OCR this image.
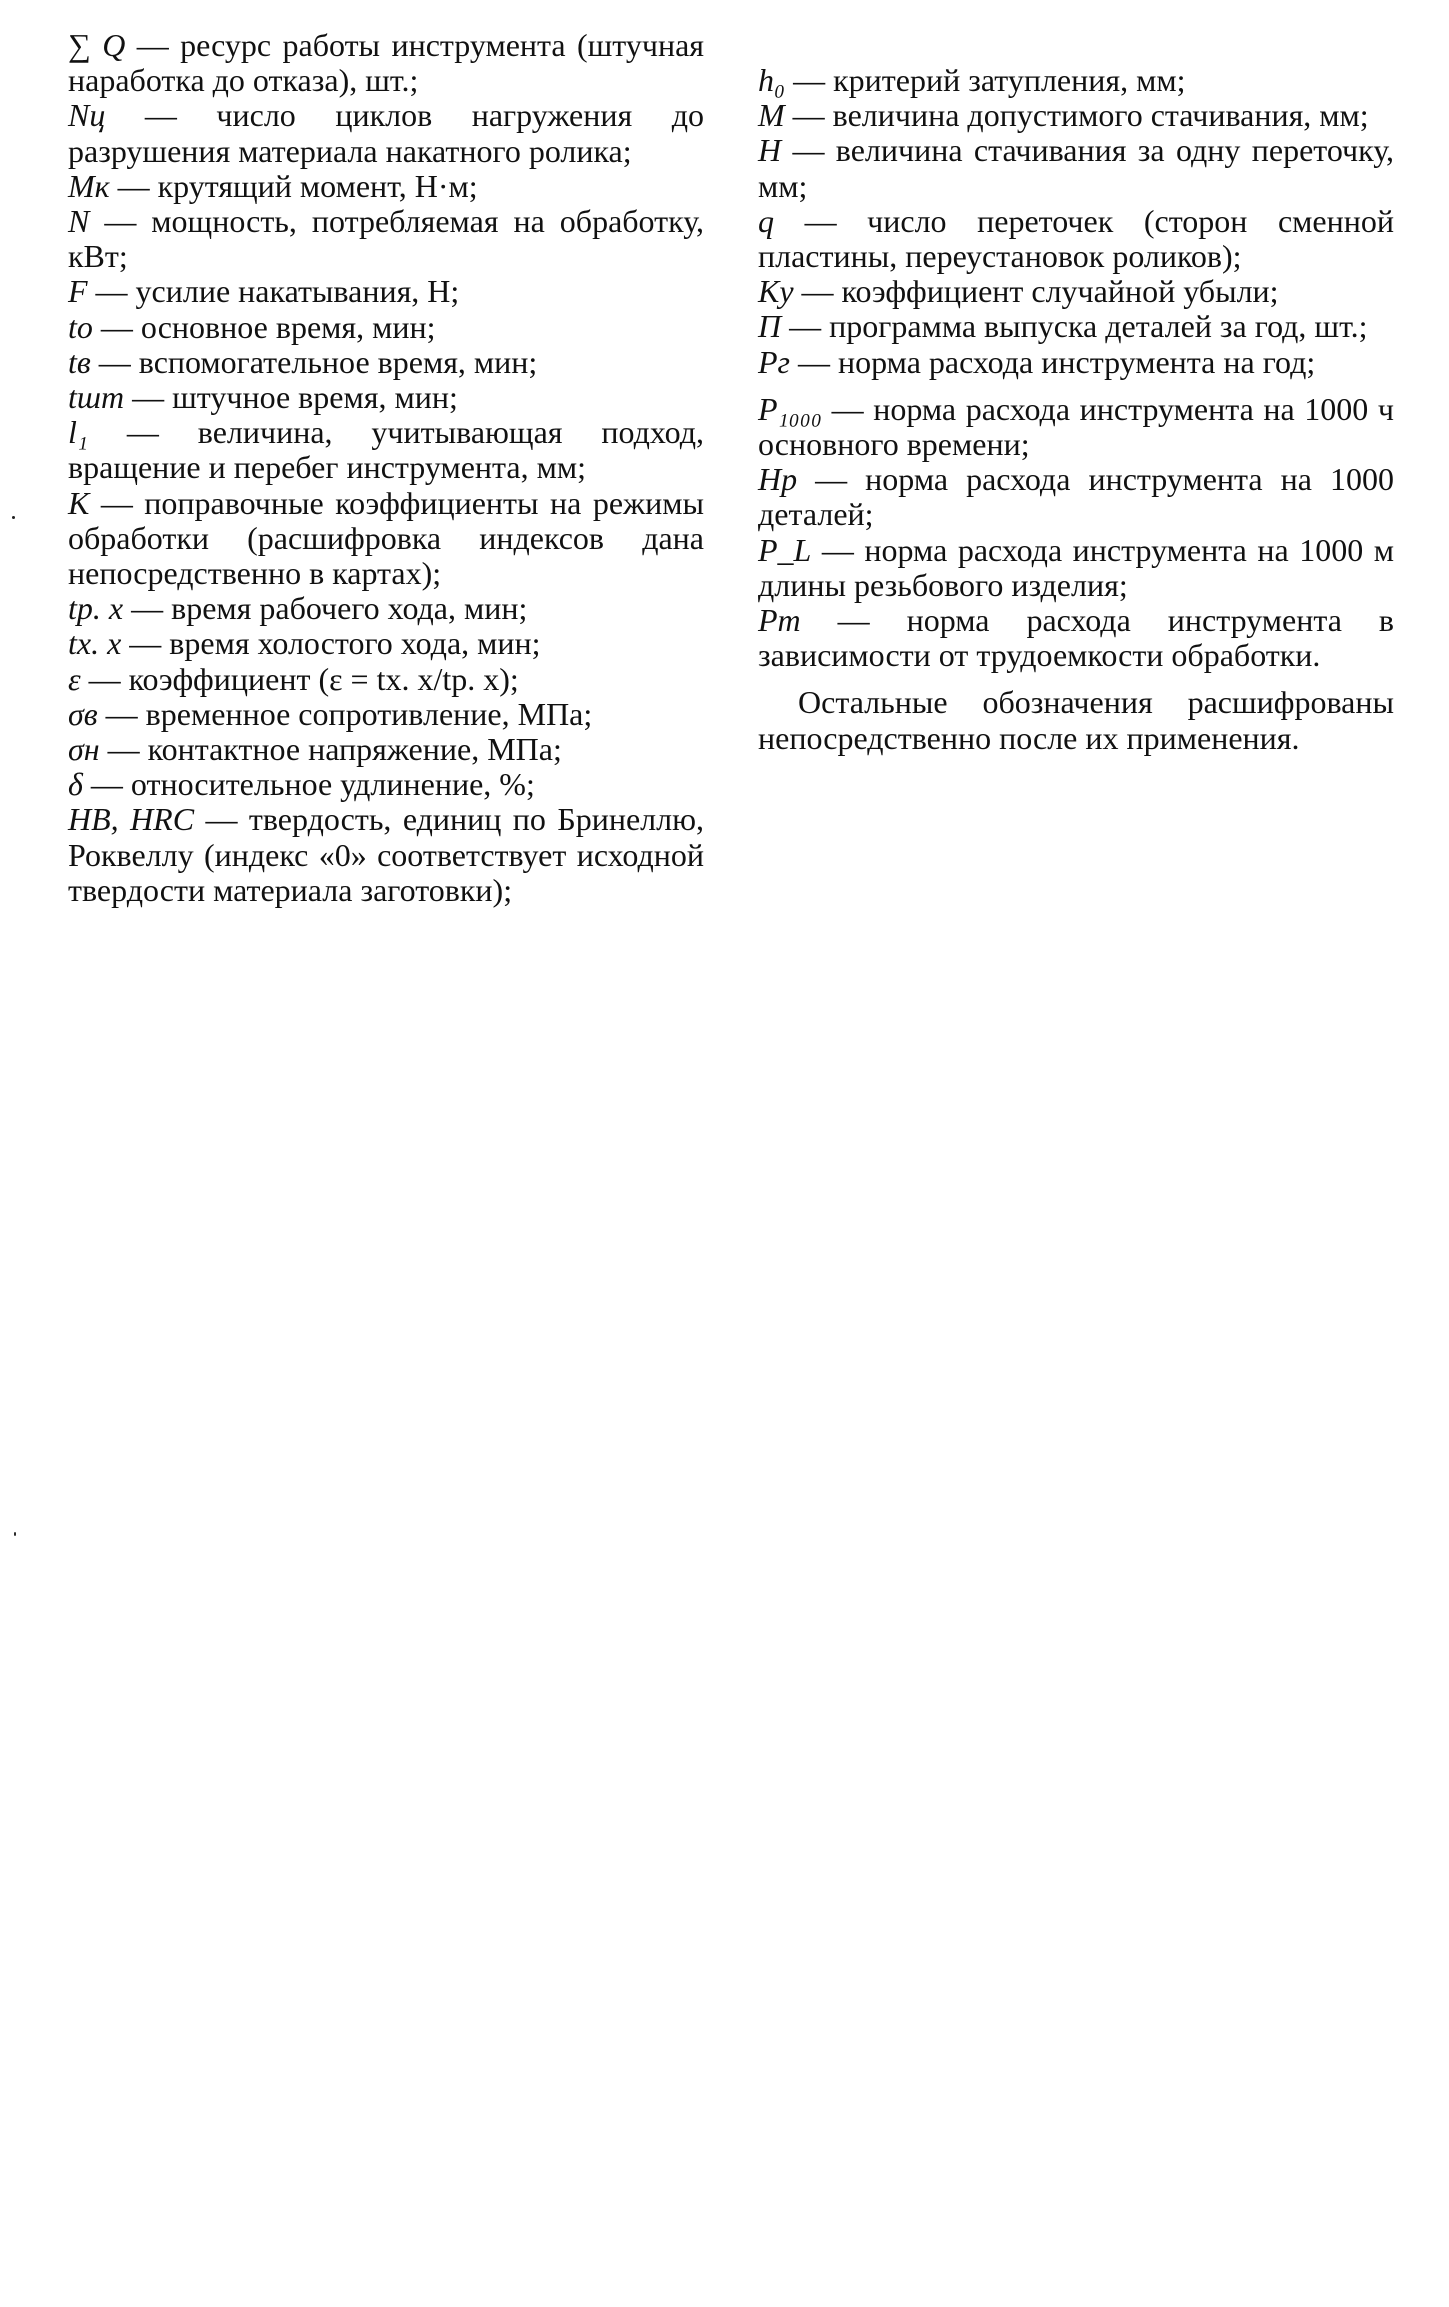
∑ Q — ресурс работы инструмента (штучная наработка до отказа), шт.;

Nц — число циклов нагружения до разрушения материала накатного ролика;

Mк — крутящий момент, Н·м;

N — мощность, потребляемая на обработку, кВт;

F — усилие накатывания, Н;

tо — основное время, мин;

tв — вспомогательное время, мин;

tшт — штучное время, мин;

l₁ — величина, учитывающая подход, вращение и перебег инструмента, мм;

K — поправочные коэффициенты на режимы обработки (расшифровка индексов дана непосредственно в картах);

tр. х — время рабочего хода, мин;

tх. х — время холостого хода, мин;

ε — коэффициент (ε = tх. х/tр. х);

σв — временное сопротивление, МПа;

σн — контактное напряжение, МПа;

δ — относительное удлинение, %;

HB, HRC — твердость, единиц по Бринеллю, Роквеллу (индекс «0» соответствует исходной твердости материала заготовки);

h₀ — критерий затупления, мм;

M — величина допустимого стачивания, мм;

H — величина стачивания за одну переточку, мм;

q — число переточек (сторон сменной пластины, переустановок роликов);

Kу — коэффициент случайной убыли;

П — программа выпуска деталей за год, шт.;

Pг — норма расхода инструмента на год;

P₁₀₀₀ — норма расхода инструмента на 1000 ч основного времени;

Hр — норма расхода инструмента на 1000 деталей;

P_L — норма расхода инструмента на 1000 м длины резьбового изделия;

Pт — норма расхода инструмента в зависимости от трудоемкости обработки.

Остальные обозначения расшифрованы непосредственно после их применения.
